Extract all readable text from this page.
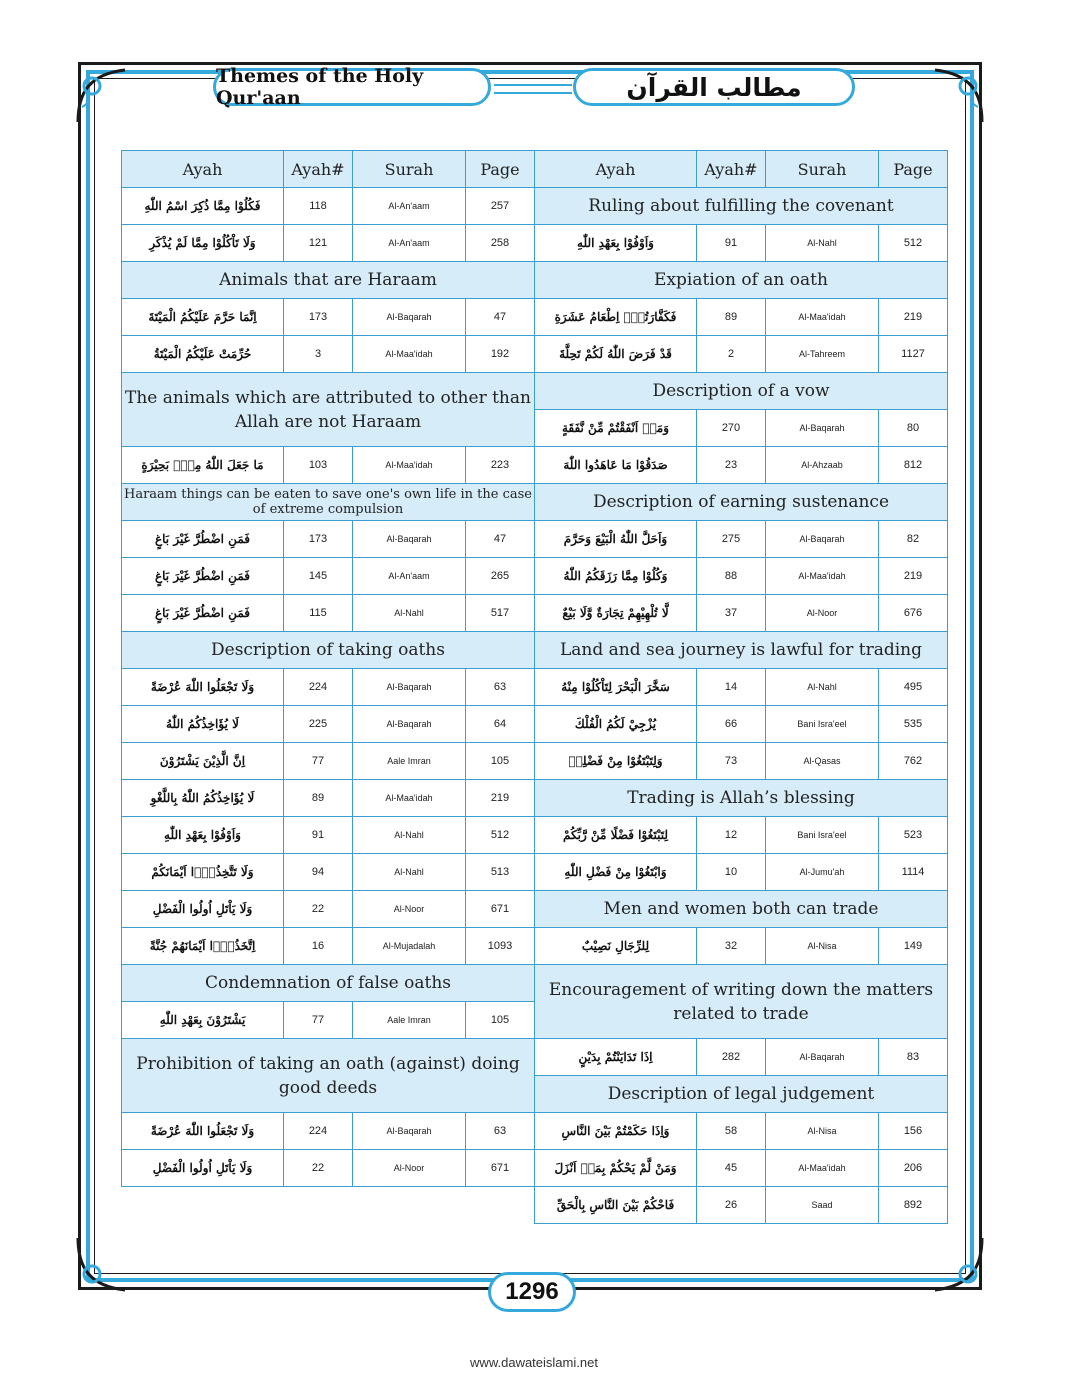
Themes of the Holy Qur'aan	مطالب القرآن
Ayah	Ayah#	Surah	Page
فَكُلُوْا مِمَّا ذُكِرَ اسْمُ اللّٰهِ	118	Al-An'aam	257
وَلَا تَاْكُلُوْا مِمَّا لَمْ يُذْكَرِ	121	Al-An'aam	258
Animals that are Haraam			
اِنَّمَا حَرَّمَ عَلَيْكُمُ الْمَيْتَةَ	173	Al-Baqarah	47
حُرِّمَتْ عَلَيْكُمُ الْمَيْتَةُ	3	Al-Maa'idah	192
The animals which are attributed to other than Allah are not Haraam			
مَا جَعَلَ اللّٰهُ مِنْۢ بَحِيْرَةٍ	103	Al-Maa'idah	223
Haraam things can be eaten to save one's own life in the case of extreme compulsion			
فَمَنِ اضْطُرَّ غَيْرَ بَاغٍ	173	Al-Baqarah	47
فَمَنِ اضْطُرَّ غَيْرَ بَاغٍ	145	Al-An'aam	265
فَمَنِ اضْطُرَّ غَيْرَ بَاغٍ	115	Al-Nahl	517
Description of taking oaths			
وَلَا تَجْعَلُوا اللّٰهَ عُرْضَةً	224	Al-Baqarah	63
لَا يُؤَاخِذُكُمُ اللّٰهُ	225	Al-Baqarah	64
اِنَّ الَّذِيْنَ يَشْتَرُوْنَ	77	Aale Imran	105
لَا يُؤَاخِذُكُمُ اللّٰهُ بِاللَّغْوِ	89	Al-Maa'idah	219
وَاَوْفُوْا بِعَهْدِ اللّٰهِ	91	Al-Nahl	512
وَلَا تَتَّخِذُوْۤا اَيْمَانَكُمْ	94	Al-Nahl	513
وَلَا يَاْتَلِ اُولُوا الْفَضْلِ	22	Al-Noor	671
اِتَّخَذُوْۤا اَيْمَانَهُمْ جُنَّةً	16	Al-Mujadalah	1093
Condemnation of false oaths			
يَشْتَرُوْنَ بِعَهْدِ اللّٰهِ	77	Aale Imran	105
Prohibition of taking an oath (against) doing good deeds			
وَلَا تَجْعَلُوا اللّٰهَ عُرْضَةً	224	Al-Baqarah	63
وَلَا يَاْتَلِ اُولُوا الْفَضْلِ	22	Al-Noor	671
Ayah	Ayah#	Surah	Page
Ruling about fulfilling the covenant			
وَاَوْفُوْا بِعَهْدِ اللّٰهِ	91	Al-Nahl	512
Expiation of an oath			
فَكَفَّارَتُهٗۤ اِطْعَامُ عَشَرَةِ	89	Al-Maa'idah	219
قَدْ فَرَضَ اللّٰهُ لَكُمْ تَحِلَّةَ	2	Al-Tahreem	1127
Description of a vow			
وَمَاۤ اَنْفَقْتُمْ مِّنْ نَّفَقَةٍ	270	Al-Baqarah	80
صَدَقُوْا مَا عَاهَدُوا اللّٰهَ	23	Al-Ahzaab	812
Description of earning sustenance			
وَاَحَلَّ اللّٰهُ الْبَيْعَ وَحَرَّمَ	275	Al-Baqarah	82
وَكُلُوْا مِمَّا رَزَقَكُمُ اللّٰهُ	88	Al-Maa'idah	219
لَّا تُلْهِيْهِمْ تِجَارَةٌ وَّلَا بَيْعٌ	37	Al-Noor	676
Land and sea journey is lawful for trading			
سَخَّرَ الْبَحْرَ لِتَاْكُلُوْا مِنْهُ	14	Al-Nahl	495
يُزْجِيْ لَكُمُ الْفُلْكَ	66	Bani Isra'eel	535
وَلِتَبْتَغُوْا مِنْ فَضْلِهٖ	73	Al-Qasas	762
Trading is Allah’s blessing			
لِتَبْتَغُوْا فَضْلًا مِّنْ رَّبِّكُمْ	12	Bani Isra'eel	523
وَابْتَغُوْا مِنْ فَضْلِ اللّٰهِ	10	Al-Jumu'ah	1114
Men and women both can trade			
لِلرِّجَالِ نَصِيْبٌ	32	Al-Nisa	149
Encouragement of writing down the matters related to trade			
اِذَا تَدَايَنْتُمْ بِدَيْنٍ	282	Al-Baqarah	83
Description of legal judgement			
وَاِذَا حَكَمْتُمْ بَيْنَ النَّاسِ	58	Al-Nisa	156
وَمَنْ لَّمْ يَحْكُمْ بِمَاۤ اَنْزَلَ	45	Al-Maa'idah	206
فَاحْكُمْ بَيْنَ النَّاسِ بِالْحَقِّ	26	Saad	892
1296
www.dawateislami.net
